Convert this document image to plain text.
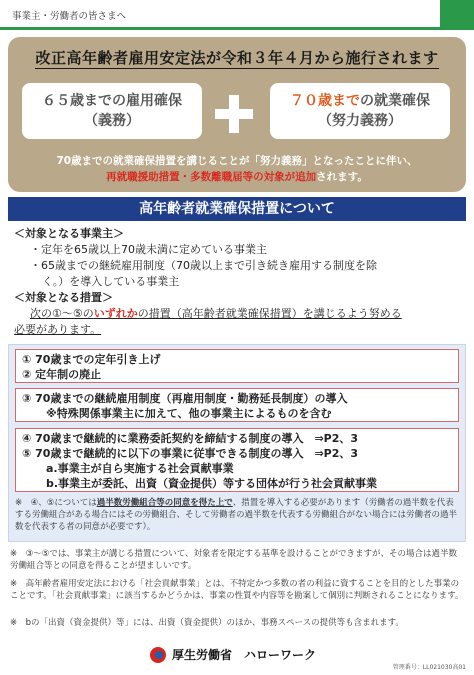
事業主・労働者の皆さまへ
改正高年齢者雇用安定法が令和３年４月から施行されます
６５歳までの雇用確保
（義務）
７０歳までの就業確保
（努力義務）
70歳までの就業確保措置を講じることが「努力義務」となったことに伴い、
再就職援助措置・多数離職届等の対象が追加されます。
高年齢者就業確保措置について
＜対象となる事業主＞
・定年を65歳以上70歳未満に定めている事業主
・65歳までの継続雇用制度（70歳以上まで引き続き雇用する制度を除
く。）を導入している事業主
＜対象となる措置＞
次の①～⑤のいずれかの措置（高年齢者就業確保措置）を講じるよう努める
必要があります。
① 70歳までの定年引き上げ
② 定年制の廃止
③ 70歳までの継続雇用制度（再雇用制度・勤務延長制度）の導入
※特殊関係事業主に加えて、他の事業主によるものを含む
④ 70歳まで継続的に業務委託契約を締結する制度の導入　⇒P2、3
⑤ 70歳まで継続的に以下の事業に従事できる制度の導入　⇒P2、3
a.事業主が自ら実施する社会貢献事業
b.事業主が委託、出資（資金提供）等する団体が行う社会貢献事業
※　④、⑤については過半数労働組合等の同意を得た上で、措置を導入する必要があります（労働者の過半数を代表する労働組合がある場合にはその労働組合、そして労働者の過半数を代表する労働組合がない場合には労働者の過半数を代表する者の同意が必要です）。
※　③～⑤では、事業主が講じる措置について、対象者を限定する基準を設けることができますが、その場合は過半数労働組合等との同意を得ることが望ましいです。
※　高年齢者雇用安定法における「社会貢献事業」とは、不特定かつ多数の者の利益に資することを目的とした事業のことです。「社会貢献事業」に該当するかどうかは、事業の性質や内容等を勘案して個別に判断されることになります。
※　bの「出資（資金提供）等」には、出資（資金提供）のほか、事務スペースの提供等も含まれます。
厚生労働省　ハローワーク
管理番号：LL021030高01
